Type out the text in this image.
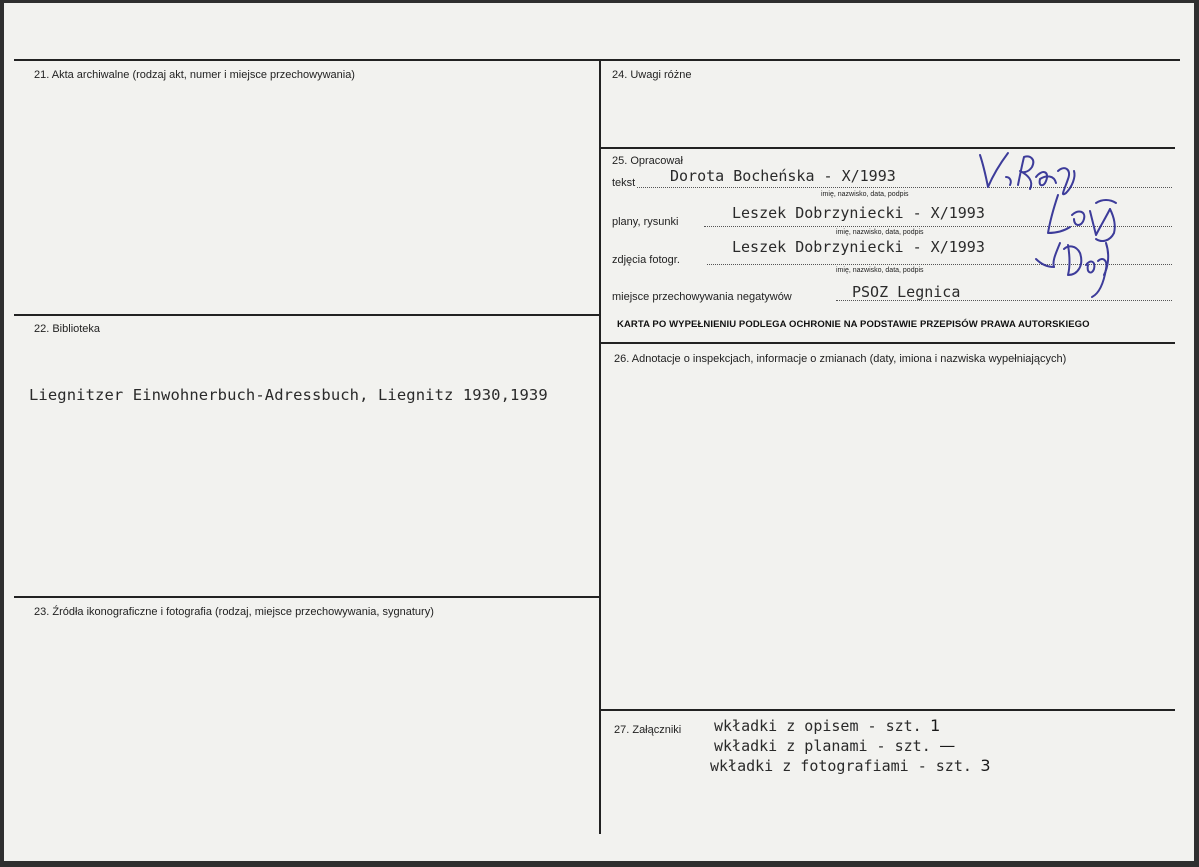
21. Akta archiwalne (rodzaj akt, numer i miejsce przechowywania)
22. Biblioteka
Liegnitzer Einwohnerbuch-Adressbuch, Liegnitz 1930,1939
23. Źródła ikonograficzne i fotografia (rodzaj, miejsce przechowywania, sygnatury)
24. Uwagi różne
25. Opracował
tekst Dorota Bocheńska - X/1993
imię, nazwisko, data, podpis
plany, rysunki	Leszek Dobrzyniecki - X/1993
imię, nazwisko, data, podpis
zdjęcia fotogr.
Leszek Dobrzyniecki - X/1993
imię, nazwisko, data, podpis
miejsce przechowywania negatywów	PSOZ Legnica
KARTA PO WYPEŁNIENIU PODLEGA OCHRONIE NA PODSTAWIE PRZEPISÓW PRAWA AUTORSKIEGO
26. Adnotacje o inspekcjach, informacje o zmianach (daty, imiona i nazwiska wypełniających)
27. Załączniki wkładki z opisem - szt. 1
wkładki z planami - szt. —
wkładki z fotografiami - szt. 3
